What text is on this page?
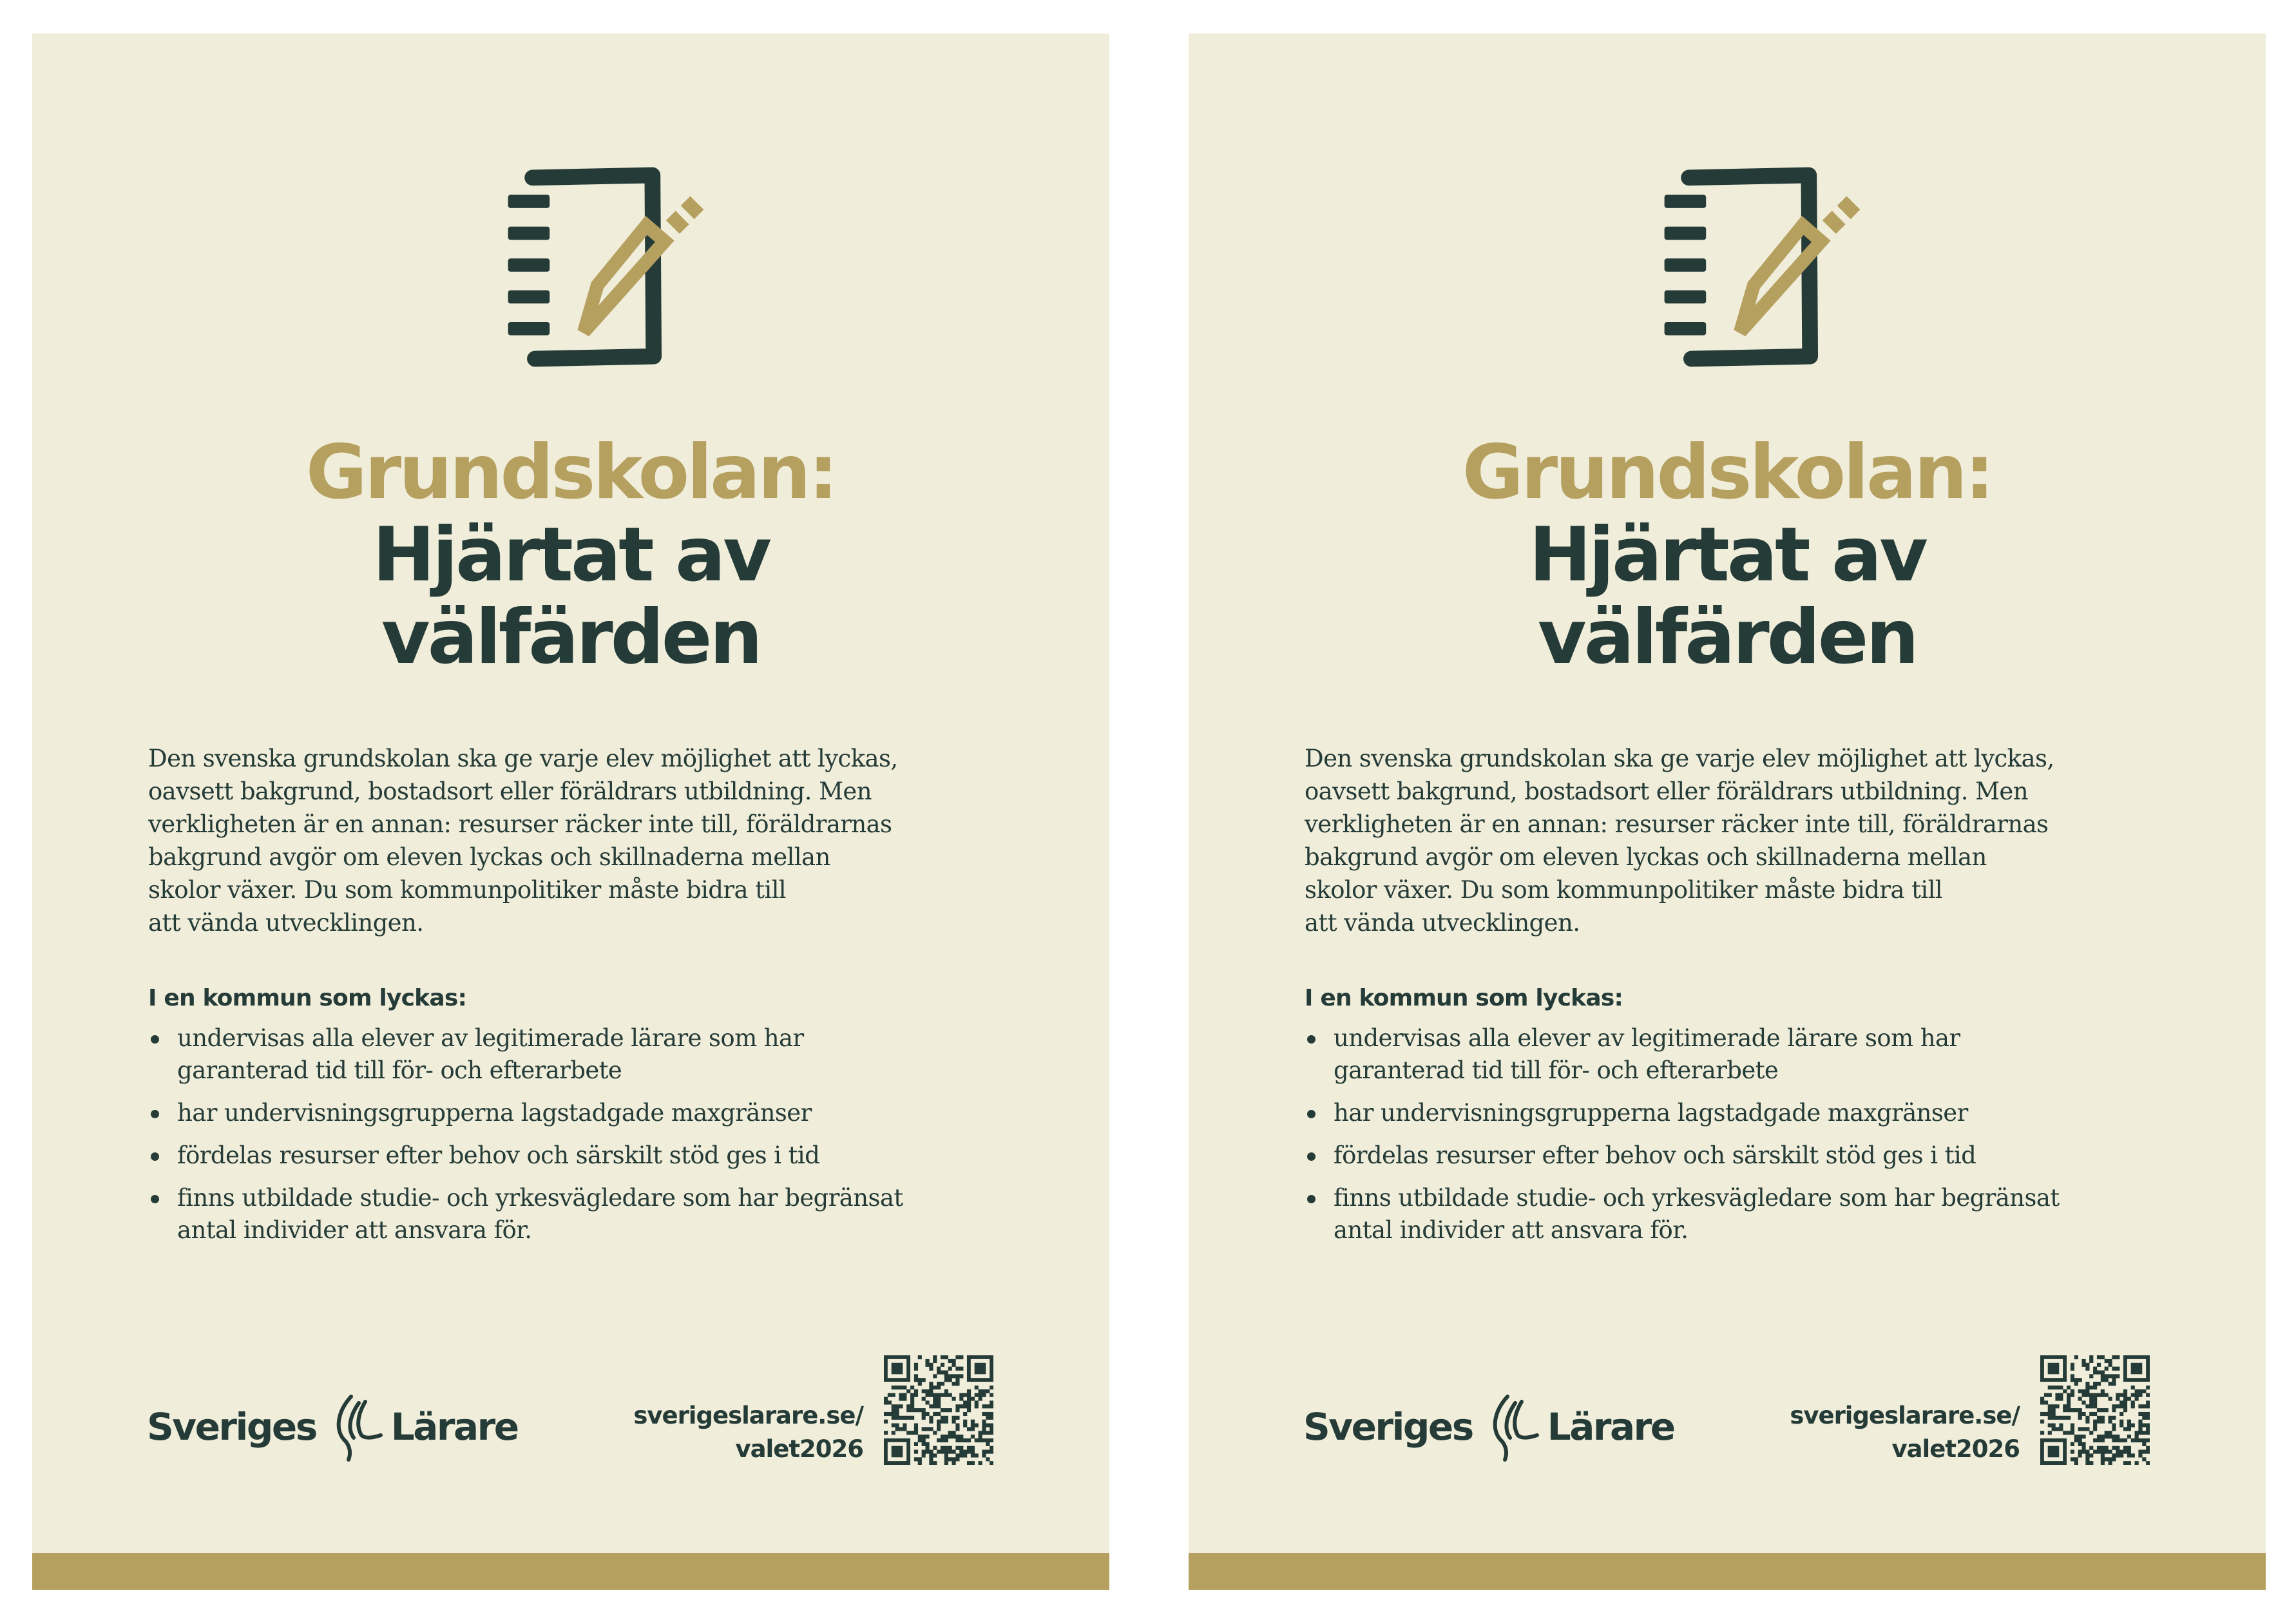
Grundskolan:
Hjärtat av
välfärden

Den svenska grundskolan ska ge varje elev möjlighet att lyckas,
oavsett bakgrund, bostadsort eller föräldrars utbildning. Men
verkligheten är en annan: resurser räcker inte till, föräldrarnas
bakgrund avgör om eleven lyckas och skillnaderna mellan
skolor växer. Du som kommunpolitiker måste bidra till
att vända utvecklingen.

I en kommun som lyckas:
undervisas alla elever av legitimerade lärare som har
garanterad tid till för- och efterarbete
har undervisningsgrupperna lagstadgade maxgränser
fördelas resurser efter behov och särskilt stöd ges i tid
finns utbildade studie- och yrkesvägledare som har begränsat
antal individer att ansvara för.
Sveriges Lärare	sverigeslarare.se/
valet2026
Grundskolan:
Hjärtat av
välfärden

Den svenska grundskolan ska ge varje elev möjlighet att lyckas,
oavsett bakgrund, bostadsort eller föräldrars utbildning. Men
verkligheten är en annan: resurser räcker inte till, föräldrarnas
bakgrund avgör om eleven lyckas och skillnaderna mellan
skolor växer. Du som kommunpolitiker måste bidra till
att vända utvecklingen.

I en kommun som lyckas:
undervisas alla elever av legitimerade lärare som har
garanterad tid till för- och efterarbete
har undervisningsgrupperna lagstadgade maxgränser
fördelas resurser efter behov och särskilt stöd ges i tid
finns utbildade studie- och yrkesvägledare som har begränsat
antal individer att ansvara för.
Sveriges Lärare	sverigeslarare.se/
valet2026
